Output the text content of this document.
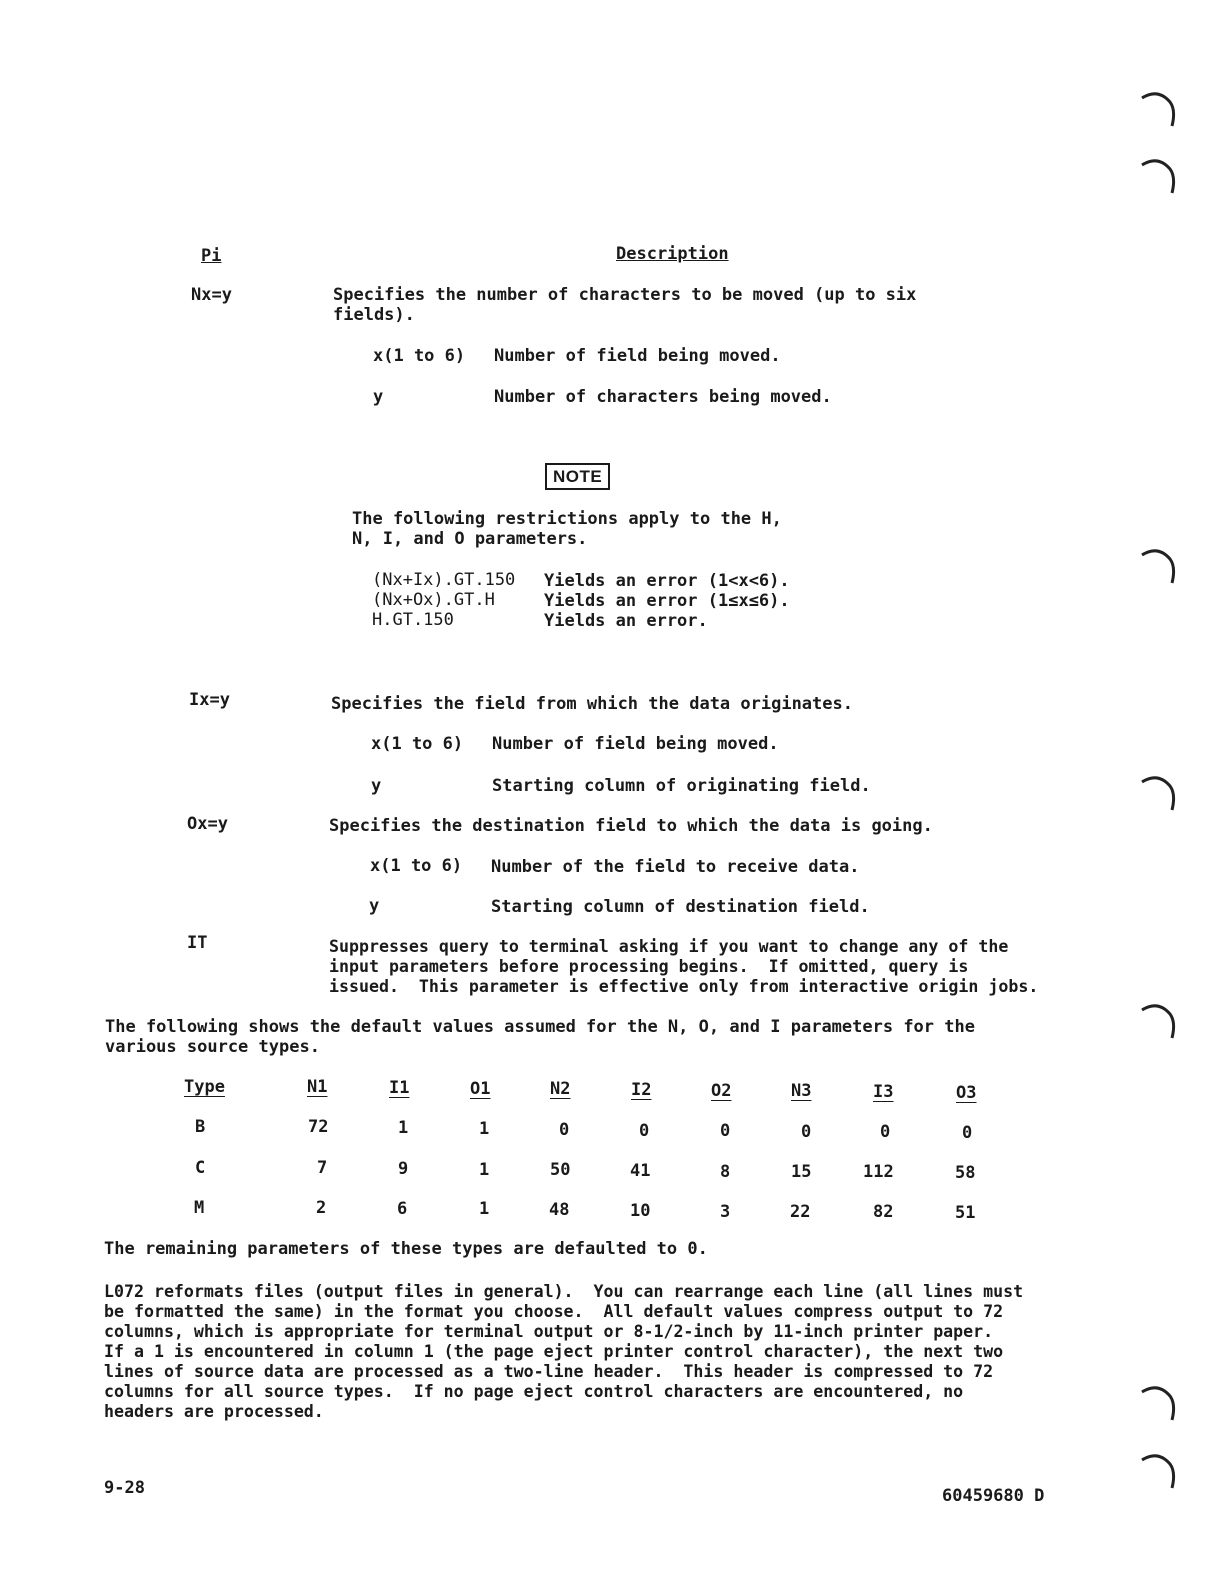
Pi	Description
Nx=y	Specifies the number of characters to be moved (up to six
fields).
x(1 to 6) Number of field being moved.
y	Number of characters being moved.
NOTE
The following restrictions apply to the H,
N, I, and O parameters.
(Nx+Ix).GT.150 Yields an error (1<x<6).
(Nx+Ox).GT.H	Yields an error (1≤x≤6).
H.GT.150	Yields an error.
Ix=y	Specifies the field from which the data originates.
x(1 to 6) Number of field being moved.
y	Starting column of originating field.
Ox=y	Specifies the destination field to which the data is going.
x(1 to 6) Number of the field to receive data.
y	Starting column of destination field.
IT	Suppresses query to terminal asking if you want to change any of the
input parameters before processing begins.  If omitted, query is
issued.  This parameter is effective only from interactive origin jobs.
The following shows the default values assumed for the N, O, and I parameters for the
various source types.
Type	N1	I1	O1	N2	I2	O2	N3	I3	O3
B	72	1	1	0	0	0	0	0	0
C	7	9	1	50	41	8	15	112	58
M	2	6	1	48	10	3	22	82	51
The remaining parameters of these types are defaulted to 0.
L072 reformats files (output files in general).  You can rearrange each line (all lines must
be formatted the same) in the format you choose.  All default values compress output to 72
columns, which is appropriate for terminal output or 8-1/2-inch by 11-inch printer paper.
If a 1 is encountered in column 1 (the page eject printer control character), the next two
lines of source data are processed as a two-line header.  This header is compressed to 72
columns for all source types.  If no page eject control characters are encountered, no
headers are processed.
9-28	60459680 D
